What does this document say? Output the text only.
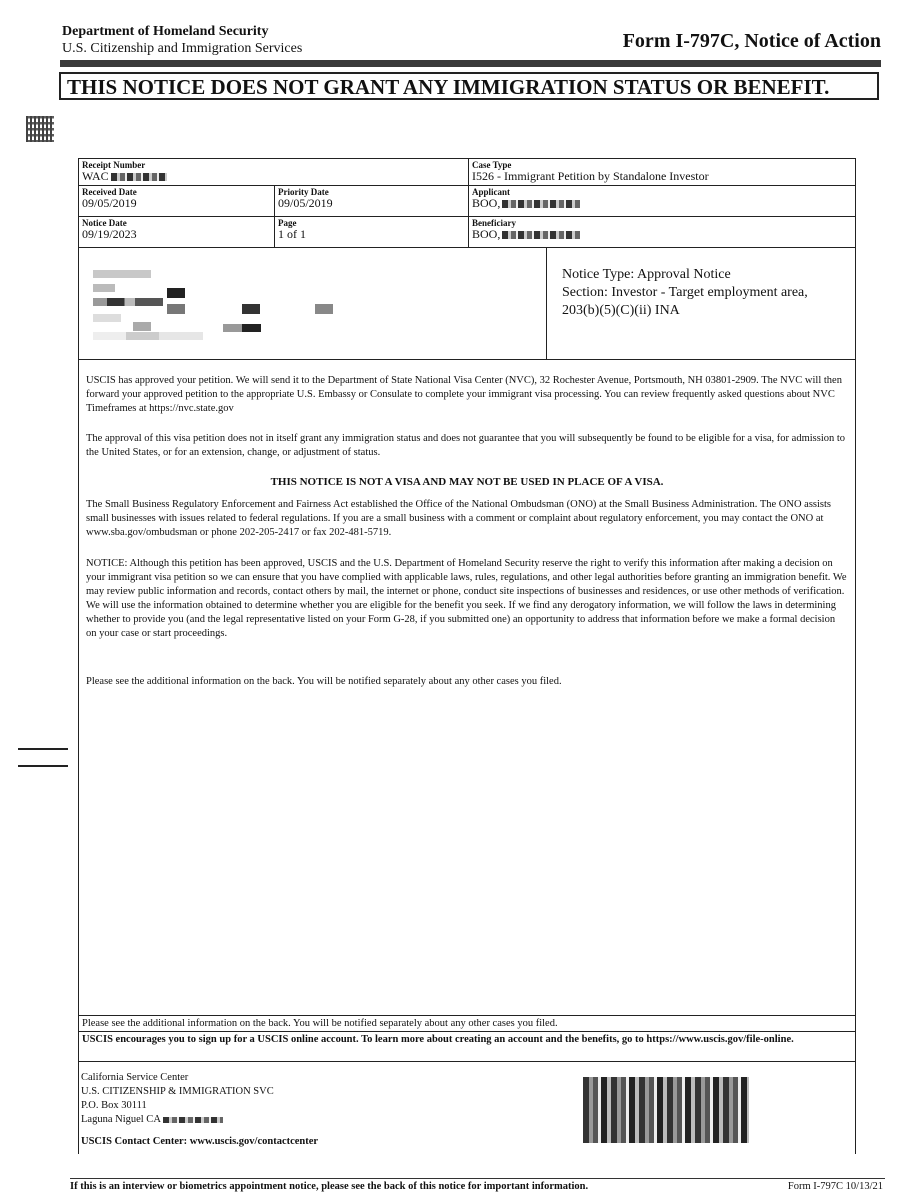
Department of Homeland Security
U.S. Citizenship and Immigration Services	Form I-797C, Notice of Action
THIS NOTICE DOES NOT GRANT ANY IMMIGRATION STATUS OR BENEFIT.
Receipt Number
WAC
Case Type
I526 - Immigrant Petition by Standalone Investor
Received Date
09/05/2019
Priority Date
09/05/2019
Applicant
BOO,
Notice Date
09/19/2023
Page
1 of 1
Beneficiary
BOO,
Notice Type: Approval Notice
Section: Investor - Target employment area,
203(b)(5)(C)(ii) INA
USCIS has approved your petition. We will send it to the Department of State National Visa Center (NVC), 32 Rochester Avenue, Portsmouth, NH 03801-2909. The NVC will then forward your approved petition to the appropriate U.S. Embassy or Consulate to complete your immigrant visa processing. You can review frequently asked questions about NVC Timeframes at https://nvc.state.gov
The approval of this visa petition does not in itself grant any immigration status and does not guarantee that you will subsequently be found to be eligible for a visa, for admission to the United States, or for an extension, change, or adjustment of status.
THIS NOTICE IS NOT A VISA AND MAY NOT BE USED IN PLACE OF A VISA.
The Small Business Regulatory Enforcement and Fairness Act established the Office of the National Ombudsman (ONO) at the Small Business Administration. The ONO assists small businesses with issues related to federal regulations. If you are a small business with a comment or complaint about regulatory enforcement, you may contact the ONO at www.sba.gov/ombudsman or phone 202-205-2417 or fax 202-481-5719.
NOTICE: Although this petition has been approved, USCIS and the U.S. Department of Homeland Security reserve the right to verify this information after making a decision on your immigrant visa petition so we can ensure that you have complied with applicable laws, rules, regulations, and other legal authorities before granting an immigration benefit. We may review public information and records, contact others by mail, the internet or phone, conduct site inspections of businesses and residences, or use other methods of verification. We will use the information obtained to determine whether you are eligible for the benefit you seek. If we find any derogatory information, we will follow the laws in determining whether to provide you (and the legal representative listed on your Form G-28, if you submitted one) an opportunity to address that information before we make a formal decision on your case or start proceedings.
Please see the additional information on the back. You will be notified separately about any other cases you filed.
Please see the additional information on the back. You will be notified separately about any other cases you filed.
USCIS encourages you to sign up for a USCIS online account. To learn more about creating an account and the benefits, go to https://www.uscis.gov/file-online.
California Service Center
U.S. CITIZENSHIP & IMMIGRATION SVC
P.O. Box 30111
Laguna Niguel CA
USCIS Contact Center: www.uscis.gov/contactcenter
If this is an interview or biometrics appointment notice, please see the back of this notice for important information.	Form I-797C 10/13/21
